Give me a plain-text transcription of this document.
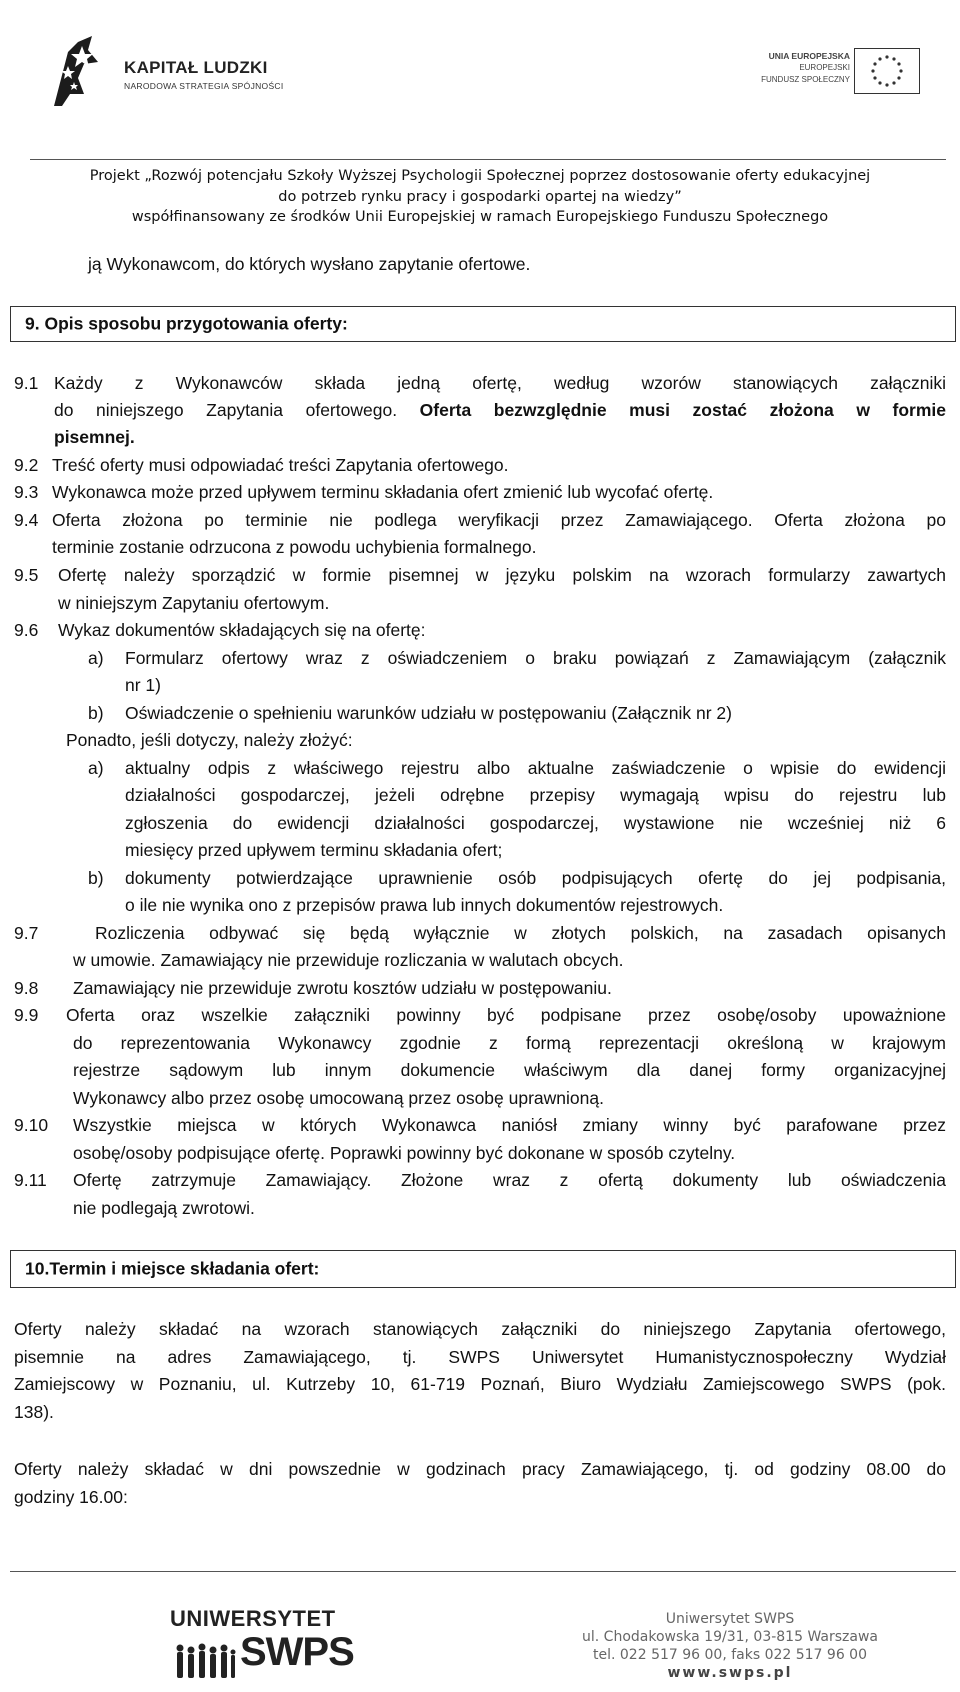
KAPITAŁ LUDZKI
NARODOWA STRATEGIA SPÓJNOŚCI
UNIA EUROPEJSKA
EUROPEJSKI
FUNDUSZ SPOŁECZNY
Projekt „Rozwój potencjału Szkoły Wyższej Psychologii Społecznej poprzez dostosowanie oferty edukacyjnej
do potrzeb rynku pracy i gospodarki opartej na wiedzy”
współfinansowany ze środków Unii Europejskiej w ramach Europejskiego Funduszu Społecznego
ją Wykonawcom, do których wysłano zapytanie ofertowe.
9. Opis sposobu przygotowania oferty:
9.1 Każdy z Wykonawców składa jedną ofertę, według wzorów stanowiących załączniki
do niniejszego Zapytania ofertowego. Oferta bezwzględnie musi zostać złożona w formie
pisemnej.
9.2 Treść oferty musi odpowiadać treści Zapytania ofertowego.
9.3 Wykonawca może przed upływem terminu składania ofert zmienić lub wycofać ofertę.
9.4 Oferta złożona po terminie nie podlega weryfikacji przez Zamawiającego. Oferta złożona po
terminie zostanie odrzucona z powodu uchybienia formalnego.
9.5 Ofertę należy sporządzić w formie pisemnej w języku polskim na wzorach formularzy zawartych
w niniejszym Zapytaniu ofertowym.
9.6 Wykaz dokumentów składających się na ofertę:
a) Formularz ofertowy wraz z oświadczeniem o braku powiązań z Zamawiającym (załącznik
nr 1)
b) Oświadczenie o spełnieniu warunków udziału w postępowaniu (Załącznik nr 2)
Ponadto, jeśli dotyczy, należy złożyć:
a) aktualny odpis z właściwego rejestru albo aktualne zaświadczenie o wpisie do ewidencji
działalności gospodarczej, jeżeli odrębne przepisy wymagają wpisu do rejestru lub
zgłoszenia do ewidencji działalności gospodarczej, wystawione nie wcześniej niż 6
miesięcy przed upływem terminu składania ofert;
b) dokumenty potwierdzające uprawnienie osób podpisujących ofertę do jej podpisania,
o ile nie wynika ono z przepisów prawa lub innych dokumentów rejestrowych.
9.7	Rozliczenia odbywać się będą wyłącznie w złotych polskich, na zasadach opisanych
w umowie. Zamawiający nie przewiduje rozliczania w walutach obcych.
9.8 Zamawiający nie przewiduje zwrotu kosztów udziału w postępowaniu.
9.9 Oferta oraz wszelkie załączniki powinny być podpisane przez osobę/osoby upoważnione
do reprezentowania Wykonawcy zgodnie z formą reprezentacji określoną w krajowym
rejestrze sądowym lub innym dokumencie właściwym dla danej formy organizacyjnej
Wykonawcy albo przez osobę umocowaną przez osobę uprawnioną.
9.10 Wszystkie miejsca w których Wykonawca naniósł zmiany winny być parafowane przez
osobę/osoby podpisujące ofertę. Poprawki powinny być dokonane w sposób czytelny.
9.11 Ofertę zatrzymuje Zamawiający. Złożone wraz z ofertą dokumenty lub oświadczenia
nie podlegają zwrotowi.
10.Termin i miejsce składania ofert:
Oferty należy składać na wzorach stanowiących załączniki do niniejszego Zapytania ofertowego,
pisemnie na adres Zamawiającego, tj. SWPS Uniwersytet Humanistycznospołeczny Wydział
Zamiejscowy w Poznaniu, ul. Kutrzeby 10, 61-719 Poznań, Biuro Wydziału Zamiejscowego SWPS (pok.
138).
Oferty należy składać w dni powszednie w godzinach pracy Zamawiającego, tj. od godziny 08.00 do
godziny 16.00:
UNIWERSYTET
SWPS
Uniwersytet SWPS
ul. Chodakowska 19/31, 03-815 Warszawa
tel. 022 517 96 00, faks 022 517 96 00
www.swps.pl
